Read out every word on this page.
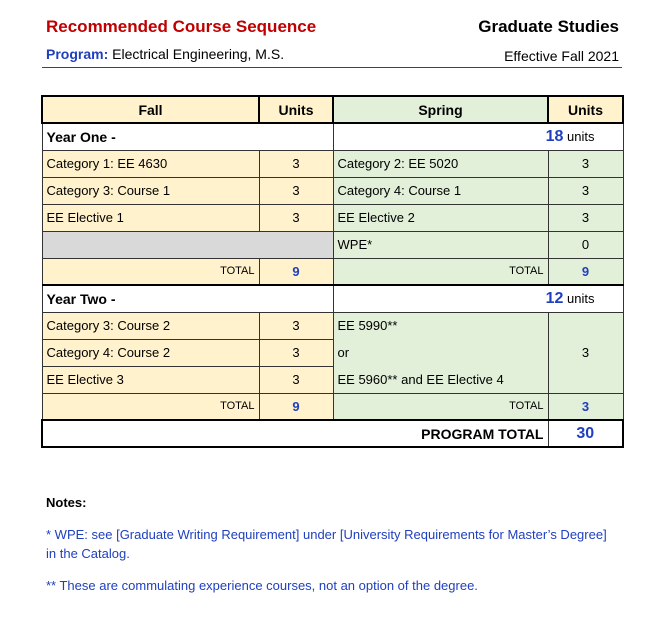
Recommended Course Sequence	Graduate Studies
Program: Electrical Engineering, M.S.	Effective Fall 2021
Fall	Units	Spring	Units
Year One -		18 units	
Category 1: EE 4630	3	Category 2: EE 5020	3
Category 3: Course 1	3	Category 4: Course 1	3
EE Elective 1	3	EE Elective 2	3
		WPE*	0
TOTAL	9	TOTAL	9
Year Two -		12 units	
Category 3: Course 2	3	EE 5990**	3
Category 4: Course 2	3	or	
EE Elective 3	3	EE 5960** and EE Elective 4	
TOTAL	9	TOTAL	3
PROGRAM TOTAL			30
Notes:
* WPE: see [Graduate Writing Requirement] under [University Requirements for Master’s Degree] in the Catalog.
** These are commulating experience courses, not an option of the degree.
